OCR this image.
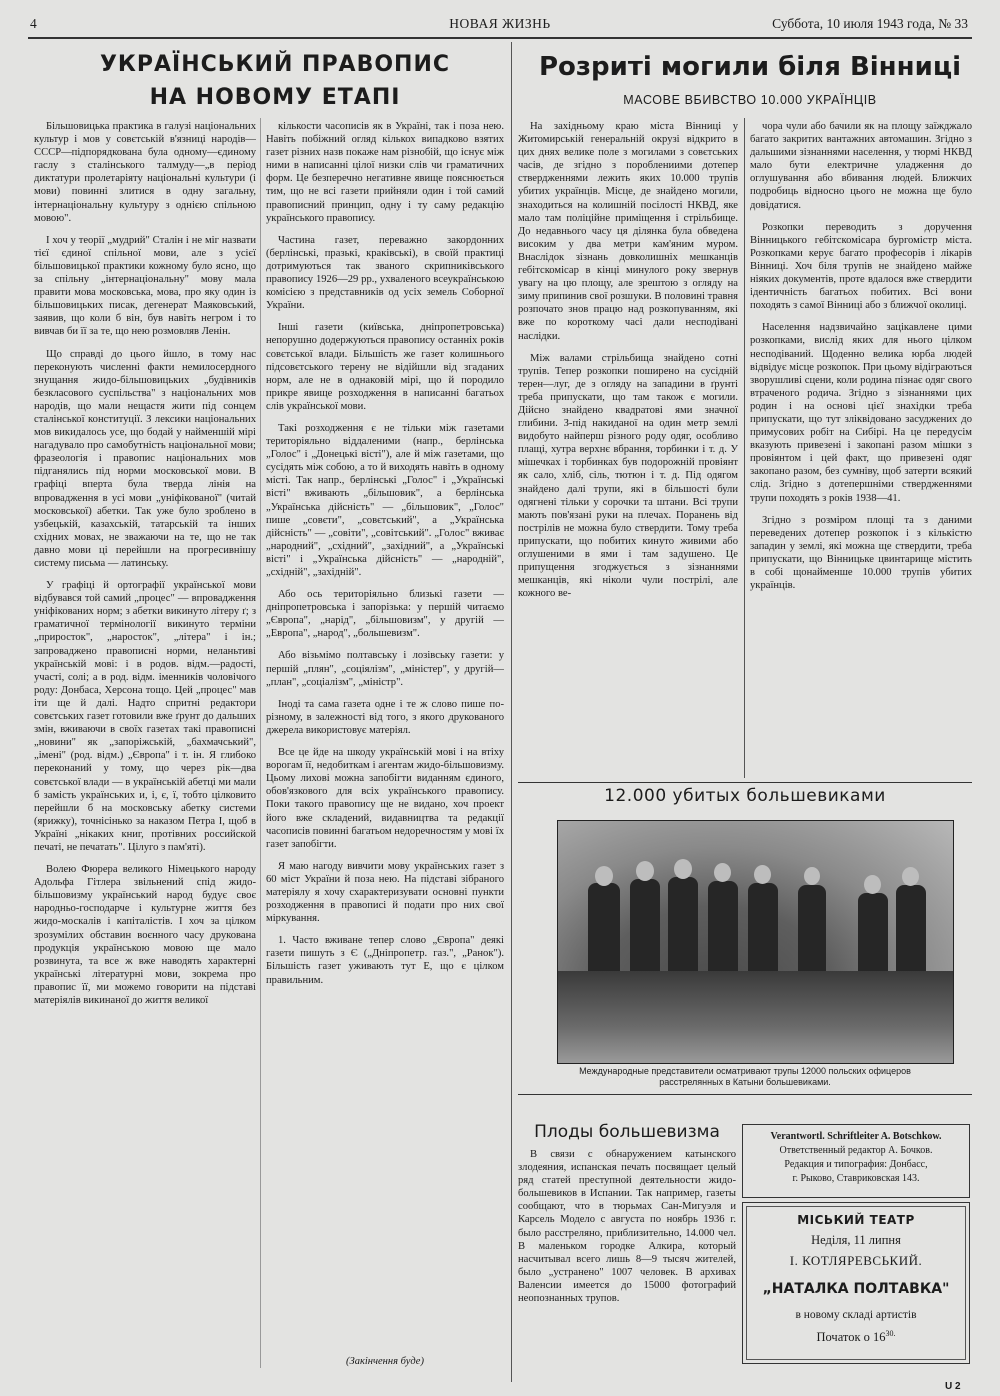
4	НОВАЯ ЖИЗНЬ	Суббота, 10 июля 1943 года, № 33
УКРАЇНСЬКИЙ ПРАВОПИС
НА НОВОМУ ЕТАПІ
Розриті могили біля Вінниці
МАСОВЕ ВБИВСТВО 10.000 УКРАЇНЦІВ

Більшовицька практика в галузі національних культур і мов у совєтській в'язниці народів—СССР—підпорядкована була одному—єдиному гаслу з сталінського талмуду—„в період диктатури пролетаріяту національні культури (і мови) повинні злитися в одну загальну, інтернаціональну культуру з однією спільною мовою".

І хоч у теорії „мудрий" Сталін і не міг назвати тієї єдиної спільної мови, але з усієї більшовицької практики кожному було ясно, що за спільну „інтернаціональну" мову мала правити мова московська, мова, про яку один із більшовицьких писак, дегенерат Маяковський, заявив, що коли б він, був навіть негром і то вивчав би її за те, що нею розмовляв Ленін.

Що справді до цього йшло, в тому нас переконують численні факти немилосердного знущання жидо-більшовицьких „будівників безкласового суспільства" з національних мов народів, що мали нещастя жити під сонцем сталінської конституції. З лексики національних мов викидалось усе, що бодай у найменшій мірі нагадувало про самобутність національної мови; фразеологія і правопис національних мов підганялись під норми московської мови. В графіці вперта була тверда лінія на впровадження в усі мови „уніфікованої" (читай московської) абетки. Так уже було зроблено в узбецькій, казахській, татарській та інших східних мовах, не зважаючи на те, що не так давно мови ці перейшли на прогресивнішу систему письма — латинську.

У графіці й ортографії української мови відбувався той самий „процес" — впровадження уніфікованих норм; з абетки викинуто літеру ґ; з граматичної термінології викинуто терміни „приросток", „наросток", „літера" і ін.; запроваджено правописні норми, неланьтиві українській мові: і в родов. відм.—радості, участі, солі; а в род. відм. іменників чоловічого роду: Донбаса, Херсона тощо. Цей „процес" мав іти ще й далі. Надто спритні редактори совєтських газет готовили вже ґрунт до дальших змін, вживаючи в своїх газетах такі правописні „новини" як „запоріжській, „бахмачський", „імені" (род. відм.) „Європа" і т. ін. Я глибоко переконаний у тому, що через рік—два совєтської влади — в українській абетці ми мали б замість українських и, і, є, ї, тобто цілковито перейшли б на московську абетку системи (ярижку), точнісінько за наказом Петра І, щоб в Україні „нікаких книг, протівних российской печаті, не печатать". Цілуго з пам'яті).

Волею Фюрера великого Німецького народу Адольфа Гітлера звільнений спід жидо-більшовизму український народ будує своє народньо-господарче і культурне життя без жидо-москалів і капіталістів. І хоч за цілком зрозумілих обставин воєнного часу друкована продукція українською мовою ще мало розвинута, та все ж вже наводять характерні українські літературні мови, зокрема про правопис її, ми можемо говорити на підставі матеріялів викинаної до життя великої

кількости часописів як в Україні, так і поза нею. Навіть побіжний огляд кількох випадково взятих газет різних назв покаже нам різнобій, що існує між ними в написанні цілої низки слів чи граматичних форм. Це безперечно негативне явище пояснюється тим, що не всі газети прийняли один і той самий правописний принцип, одну і ту саму редакцію українського правопису.

Частина газет, переважно закордонних (берлінські, празькі, краківські), в своїй практиці дотримуються так званого скрипниківського правопису 1926—29 рр., ухваленого всеукраїнською комісією з представників од усіх земель Соборної України.

Інші газети (київська, дніпропетровська) непорушно додержуються правопису останніх років совєтської влади. Більшість же газет колишнього підсовєтського терену не відійшли від згаданих норм, але не в однаковій мірі, що й породило прикре явище розходження в написанні багатьох слів української мови.

Такі розходження є не тільки між газетами територіяльно віддаленими (напр., берлінська „Голос" і „Донецькі вісті"), але й між газетами, що сусідять між собою, а то й виходять навіть в одному місті. Так напр., берлінські „Голос" і „Українські вісті" вживають „більшовик", а берлінська „Українська дійсність" — „більшовик", „Голос" пише „совєти", „совєтський", а „Українська дійсність" — „совіти", „совітський". „Голос" вживає „народний", „східний", „західний", а „Українські вісті" і „Українська дійсність" — „народній", „східній", „західній".

Або ось територіяльно близькі газети — дніпропетровська і запорізька: у першій читаємо „Європа", „нарід", „більшовизм", у другій — „Европа", „народ", „большевизм".

Або візьмімо полтавську і лозівську газети: у першій „плян", „соціялізм", „міністер", у другій—„план", „соціалізм", „міністр".

Іноді та сама газета одне і те ж слово пише по-різному, в залежності від того, з якого друкованого джерела використовує матеріял.

Все це йде на шкоду українській мові і на втіху ворогам її, недобиткам і агентам жидо-більшовизму. Цьому лихові можна запобігти виданням єдиного, обов'язкового для всіх українського правопису. Поки такого правопису ще не видано, хоч проект його вже складений, видавництва та редакції часописів повинні багатьом недоречностям у мові їх газет запобігти.

Я маю нагоду вивчити мову українських газет з 60 міст України й поза нею. На підставі зібраного матеріялу я хочу схарактеризувати основні пункти розходження в правописі й подати про них свої міркування.

1. Часто вживане тепер слово „Європа" деякі газети пишуть з Є („Дніпропетр. газ.", „Ранок"). Більшість газет уживають тут Е, що є цілком правильним.

(Закінчення буде)

На західньому краю міста Вінниці у Житомирській генеральній окрузі відкрито в цих днях велике поле з могилами з совєтських часів, де згідно з пороблениими дотепер ствердженнями лежить яких 10.000 трупів убитих українців. Місце, де знайдено могили, знаходиться на колишній посілості НКВД, яке мало там поліційне приміщення і стрільбище. До недавнього часу ця ділянка була обведена високим у два метри кам'яним муром. Внаслідок зізнань довколишніх мешканців гебітскомісар в кінці минулого року звернув увагу на цю площу, але зрештою з огляду на зиму припинив свої розшуки. В половині травня розпочато знов працю над розкопуванням, які вже по короткому часі дали несподівані наслідки.

Між валами стрільбища знайдено сотні трупів. Тепер розкопки поширено на сусідній терен—луг, де з огляду на западини в ґрунті треба припускати, що там також є могили. Дійсно знайдено квадратові ями значної глибини. З-під накиданої на один метр землі видобуто найперш різного роду одяг, особливо плащі, хутра верхнє вбрання, торбинки і т. д. У мішечках і торбинках був подорожній провіянт як сало, хліб, сіль, тютюн і т. д. Під одягом знайдено далі трупи, які в більшості були одягнені тільки у сорочки та штани. Всі трупи мають пов'язані руки на плечах. Поранень від пострілів не можна було ствердити. Тому треба припускати, що побитих кинуто живими або оглушеними в ями і там задушено. Це припущення згоджується з зізнаннями мешканців, які ніколи чули пострілі, але кожного ве-

чора чули або бачили як на площу заїжджало багато закритих вантажних автомашин. Згідно з дальшими зізнаннями населення, у тюрмі НКВД мало бути електричне уладження до оглушування або вбивання людей. Ближчих подробиць відносно цього не можна ще було довідатися.

Розкопки переводить з доручення Вінницького гебітскомісара бургомістр міста. Розкопками керує багато професорів і лікарів Вінниці. Хоч біля трупів не знайдено майже ніяких документів, проте вдалося вже ствердити ідентичність багатьох побитих. Всі вони походять з самої Вінниці або з ближчої околиці.

Населення надзвичайно зацікавлене цими розкопками, вислід яких для нього цілком несподіваний. Щоденно велика юрба людей відвідує місце розкопок. При цьому відіграються зворушливі сцени, коли родина пізнає одяг свого втраченого родича. Згідно з зізнаннями цих родин і на основі цієї знахідки треба припускати, що тут зліквідовано засуджених до примусових робіт на Сибірі. На це передусім вказують привезені і закопані разом мішки з провіянтом і цей факт, що привезені одяг закопано разом, без сумніву, щоб затерти всякий слід. Згідно з дотепершніми ствердженнями трупи походять з років 1938—41.

Згідно з розміром площі та з даними переведених дотепер розкопок і з кількістю западин у землі, які можна ще ствердити, треба припускати, що Вінницьке цвинтарище містить в собі щонайменше 10.000 трупів убитих українців.

12.000 убитых большевиками
Международные представители осматривают трупы 12000 польских офицеров
расстрелянных в Катыни большевиками.
Плоды большевизма

В связи с обнаружением катынского злодеяния, испанская печать посвящает целый ряд статей преступной деятельности жидо-большевиков в Испании. Так например, газеты сообщают, что в тюрьмах Сан-Мигуэля и Карсель Модело с августа по ноябрь 1936 г. было расстреляно, приблизительно, 14.000 чел. В маленьком городке Алкира, который насчитывал всего лишь 8—9 тысяч жителей, было „устранено" 1007 человек. В архивах Валенсии имеется до 15000 фотографий неопознанных трупов.

Verantwortl. Schriftleiter A. Botschkow.
Ответственный редактор А. Бочков.
Редакция и типография: Донбасс,
г. Рыково, Ставриковская 143.

МІСЬКИЙ ТЕАТР

Неділя, 11 липня

І. КОТЛЯРЕВСЬКИЙ.

„НАТАЛКА ПОЛТАВКА"

в новому складі артистів

Початок о $16^{30.}$

U 2
